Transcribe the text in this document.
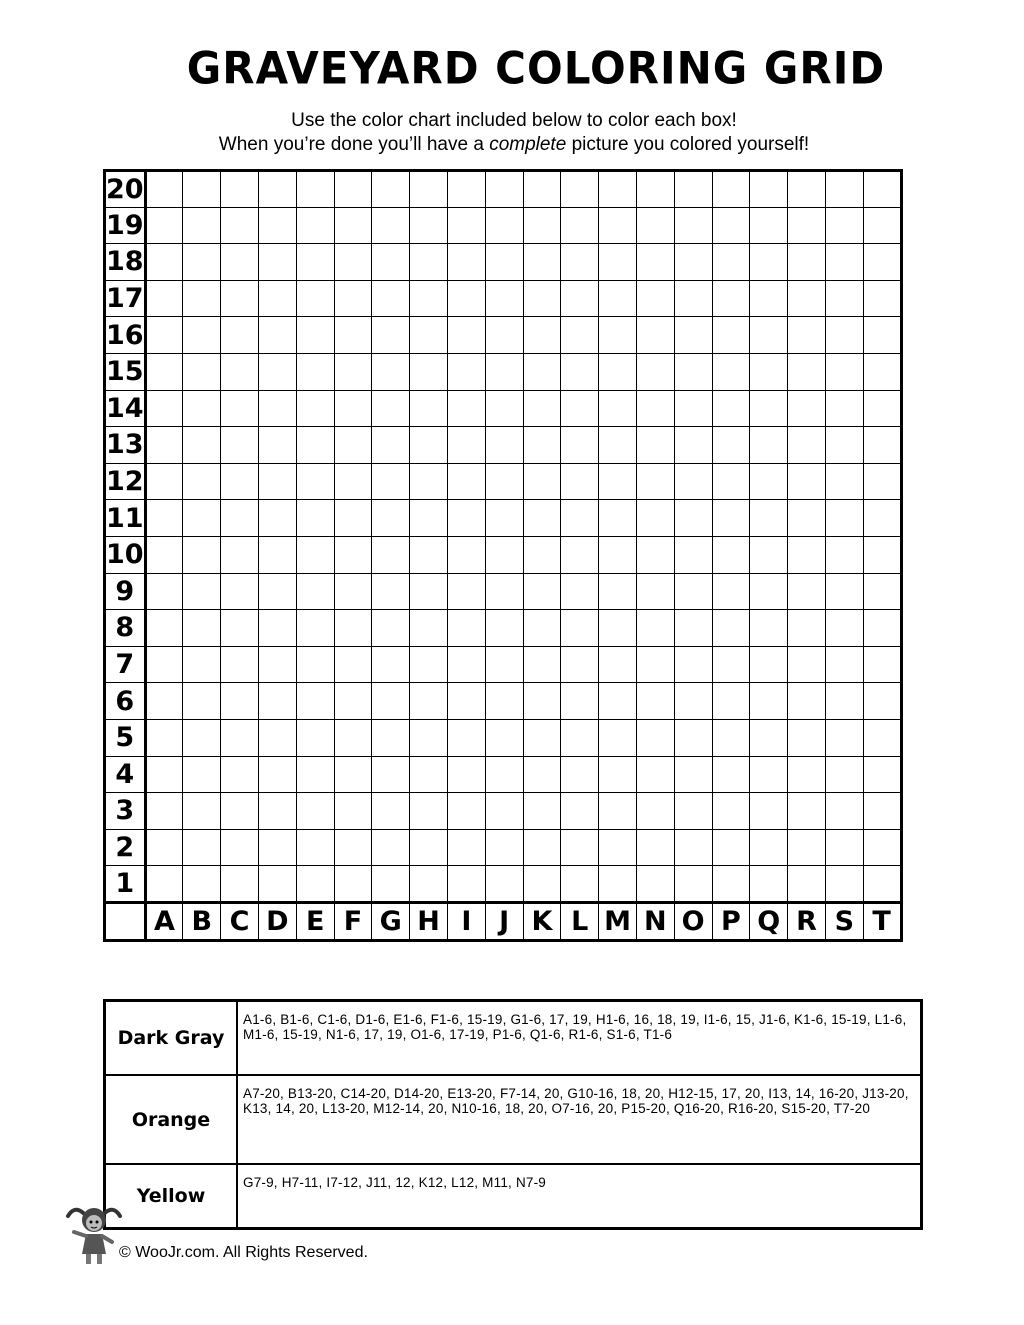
GRAVEYARD COLORING GRID
Use the color chart included below to color each box!
When you’re done you’ll have a complete picture you colored yourself!
20																				
19																				
18																				
17																				
16																				
15																				
14																				
13																				
12																				
11																				
10																				
9																				
8																				
7																				
6																				
5																				
4																				
3																				
2																				
1																				
	A	B	C	D	E	F	G	H	I	J	K	L	M	N	O	P	Q	R	S	T
Dark Gray	A1-6, B1-6, C1-6, D1-6, E1-6, F1-6, 15-19, G1-6, 17, 19, H1-6, 16, 18, 19, I1-6, 15, J1-6, K1-6, 15-19, L1-6, M1-6, 15-19, N1-6, 17, 19, O1-6, 17-19, P1-6, Q1-6, R1-6, S1-6, T1-6
Orange	A7-20, B13-20, C14-20, D14-20, E13-20, F7-14, 20, G10-16, 18, 20, H12-15, 17, 20, I13, 14, 16-20, J13-20, K13, 14, 20, L13-20, M12-14, 20, N10-16, 18, 20, O7-16, 20, P15-20, Q16-20, R16-20, S15-20, T7-20
Yellow	G7-9, H7-11, I7-12, J11, 12, K12, L12, M11, N7-9
© WooJr.com. All Rights Reserved.
